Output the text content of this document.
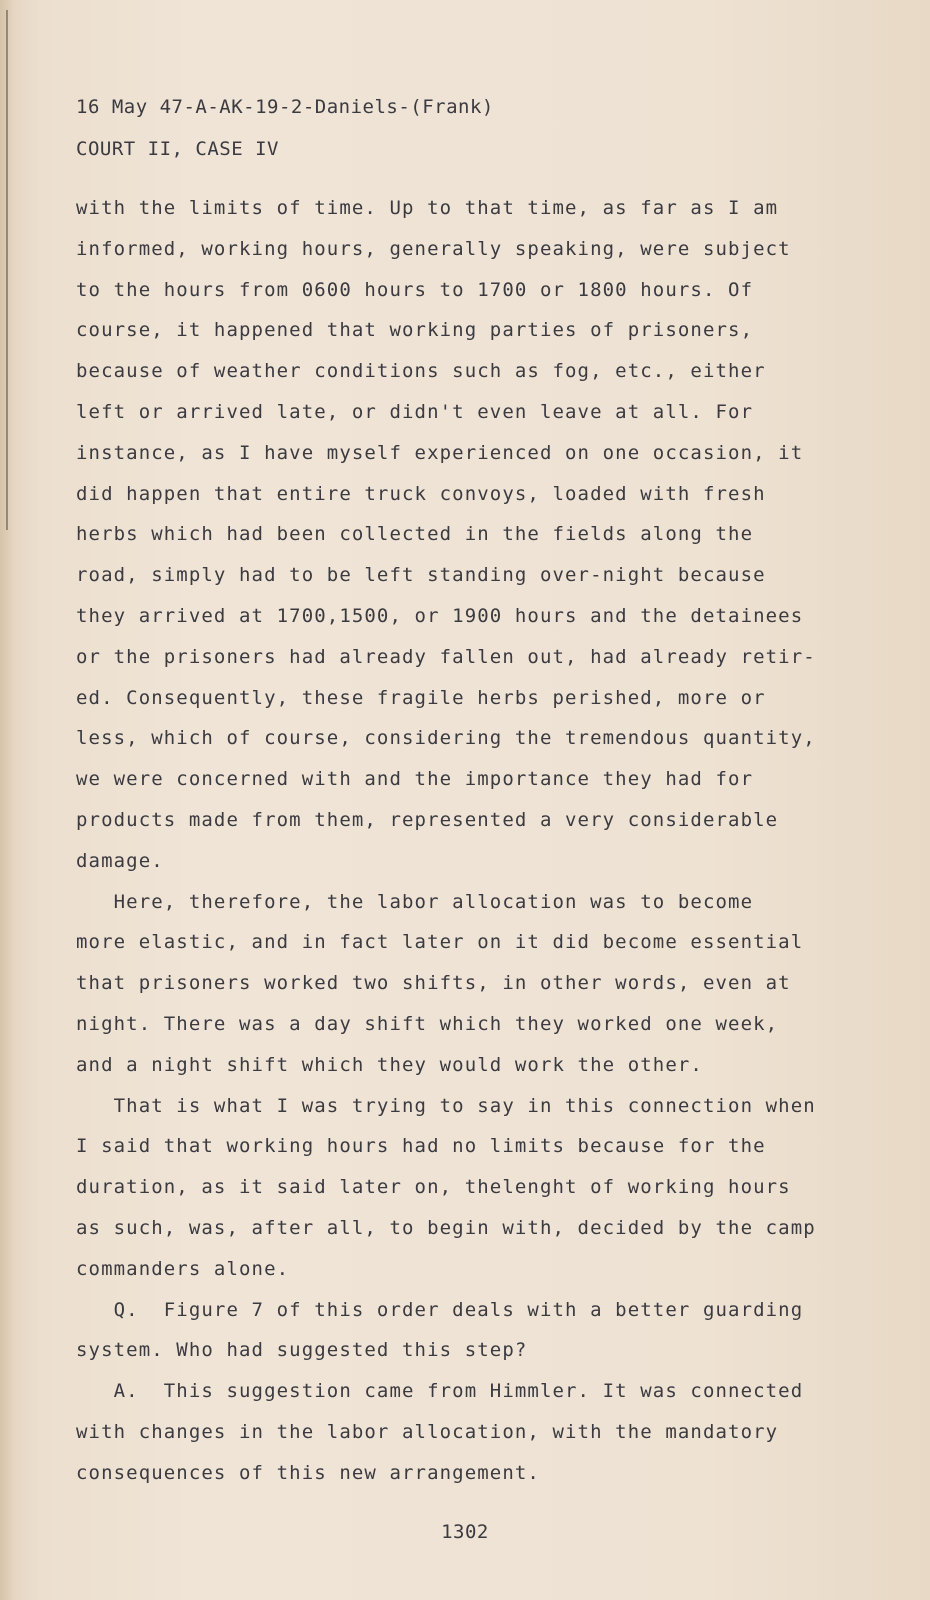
16 May 47-A-AK-19-2-Daniels-(Frank)
COURT II, CASE IV
with the limits of time. Up to that time, as far as I am
informed, working hours, generally speaking, were subject
to the hours from 0600 hours to 1700 or 1800 hours. Of
course, it happened that working parties of prisoners,
because of weather conditions such as fog, etc., either
left or arrived late, or didn't even leave at all. For
instance, as I have myself experienced on one occasion, it
did happen that entire truck convoys, loaded with fresh
herbs which had been collected in the fields along the
road, simply had to be left standing over-night because
they arrived at 1700,1500, or 1900 hours and the detainees
or the prisoners had already fallen out, had already retir-
ed. Consequently, these fragile herbs perished, more or
less, which of course, considering the tremendous quantity,
we were concerned with and the importance they had for
products made from them, represented a very considerable
damage.
Here, therefore, the labor allocation was to become
more elastic, and in fact later on it did become essential
that prisoners worked two shifts, in other words, even at
night. There was a day shift which they worked one week,
and a night shift which they would work the other.
That is what I was trying to say in this connection when
I said that working hours had no limits because for the
duration, as it said later on, thelenght of working hours
as such, was, after all, to begin with, decided by the camp
commanders alone.
Q.  Figure 7 of this order deals with a better guarding
system. Who had suggested this step?
A.  This suggestion came from Himmler. It was connected
with changes in the labor allocation, with the mandatory
consequences of this new arrangement.
1302
